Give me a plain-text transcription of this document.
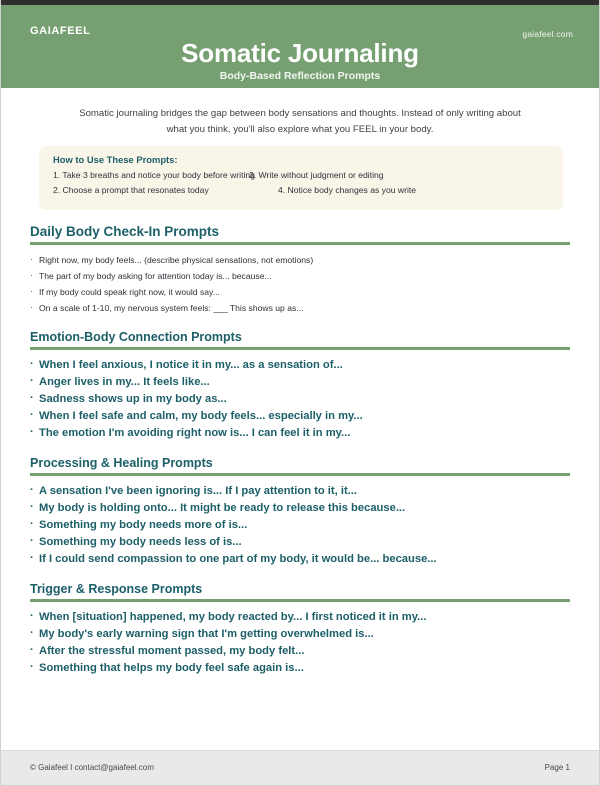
GAIAFEEL	gaiafeel.com
Somatic Journaling
Body-Based Reflection Prompts
Somatic journaling bridges the gap between body sensations and thoughts. Instead of only writing about what you think, you'll also explore what you FEEL in your body.
How to Use These Prompts:
1. Take 3 breaths and notice your body before writing
2. Choose a prompt that resonates today
3. Write without judgment or editing
4. Notice body changes as you write
Daily Body Check-In Prompts
· Right now, my body feels... (describe physical sensations, not emotions)
· The part of my body asking for attention today is... because...
· If my body could speak right now, it would say...
· On a scale of 1-10, my nervous system feels: ___ This shows up as...
Emotion-Body Connection Prompts
· When I feel anxious, I notice it in my... as a sensation of...
· Anger lives in my... It feels like...
· Sadness shows up in my body as...
· When I feel safe and calm, my body feels... especially in my...
· The emotion I'm avoiding right now is... I can feel it in my...
Processing & Healing Prompts
· A sensation I've been ignoring is... If I pay attention to it, it...
· My body is holding onto... It might be ready to release this because...
· Something my body needs more of is...
· Something my body needs less of is...
· If I could send compassion to one part of my body, it would be... because...
Trigger & Response Prompts
· When [situation] happened, my body reacted by... I first noticed it in my...
· My body's early warning sign that I'm getting overwhelmed is...
· After the stressful moment passed, my body felt...
· Something that helps my body feel safe again is...
© Gaiafeel I contact@gaiafeel.com	Page 1
